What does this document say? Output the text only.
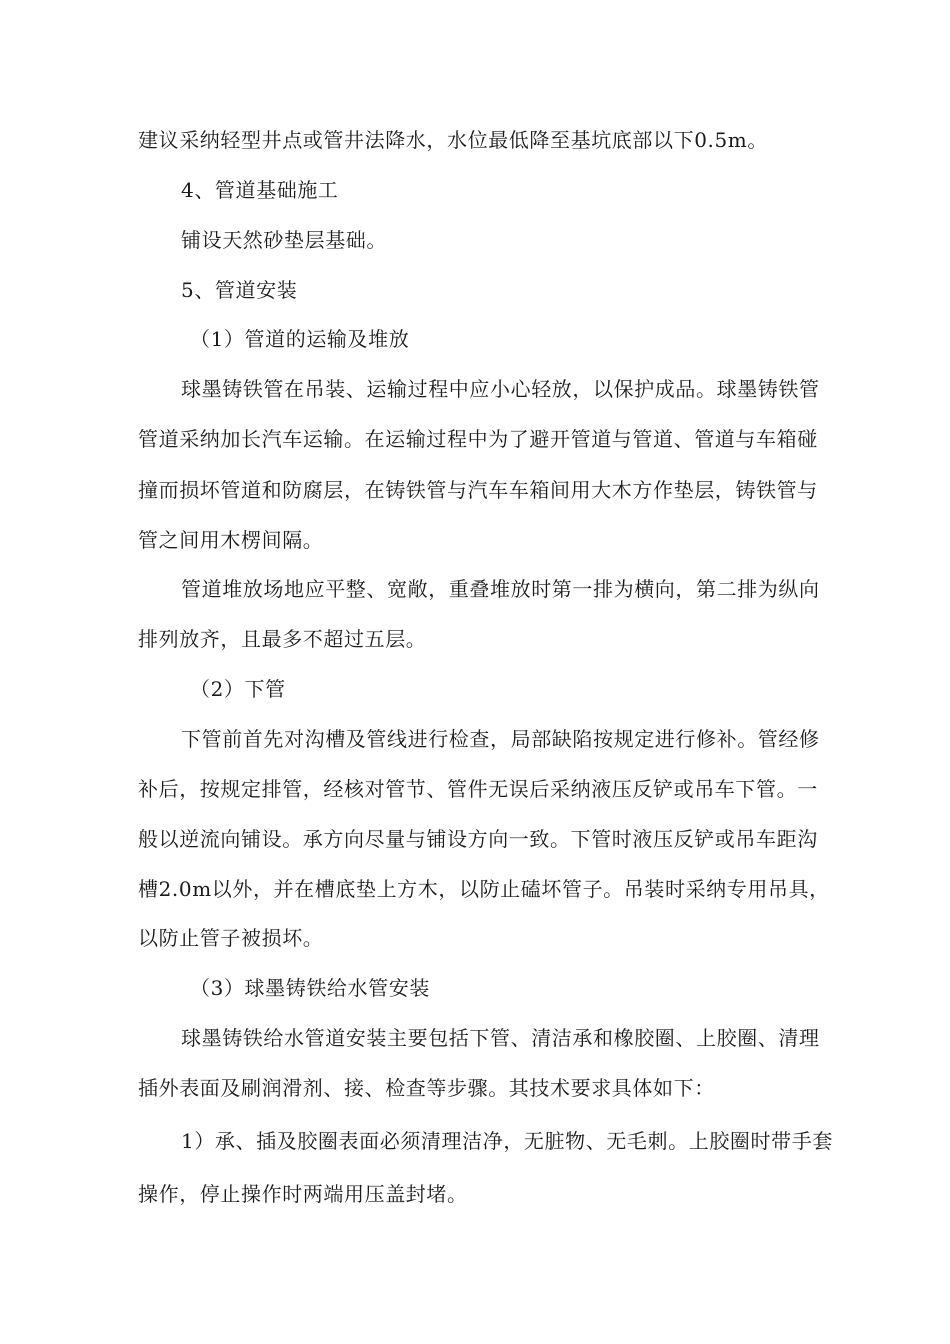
建议采纳轻型井点或管井法降水，水位最低降至基坑底部以下0.5m。
4、管道基础施工
铺设天然砂垫层基础。
5、管道安装
（1）管道的运输及堆放
球墨铸铁管在吊装、运输过程中应小心轻放，以保护成品。球墨铸铁管
管道采纳加长汽车运输。在运输过程中为了避开管道与管道、管道与车箱碰
撞而损坏管道和防腐层，在铸铁管与汽车车箱间用大木方作垫层，铸铁管与
管之间用木楞间隔。
管道堆放场地应平整、宽敞，重叠堆放时第一排为横向，第二排为纵向
排列放齐，且最多不超过五层。
（2）下管
下管前首先对沟槽及管线进行检查，局部缺陷按规定进行修补。管经修
补后，按规定排管，经核对管节、管件无误后采纳液压反铲或吊车下管。一
般以逆流向铺设。承方向尽量与铺设方向一致。下管时液压反铲或吊车距沟
槽2.0m以外，并在槽底垫上方木，以防止磕坏管子。吊装时采纳专用吊具，
以防止管子被损坏。
（3）球墨铸铁给水管安装
球墨铸铁给水管道安装主要包括下管、清洁承和橡胶圈、上胶圈、清理
插外表面及刷润滑剂、接、检查等步骤。其技术要求具体如下：
1）承、插及胶圈表面必须清理洁净，无脏物、无毛刺。上胶圈时带手套
操作，停止操作时两端用压盖封堵。
